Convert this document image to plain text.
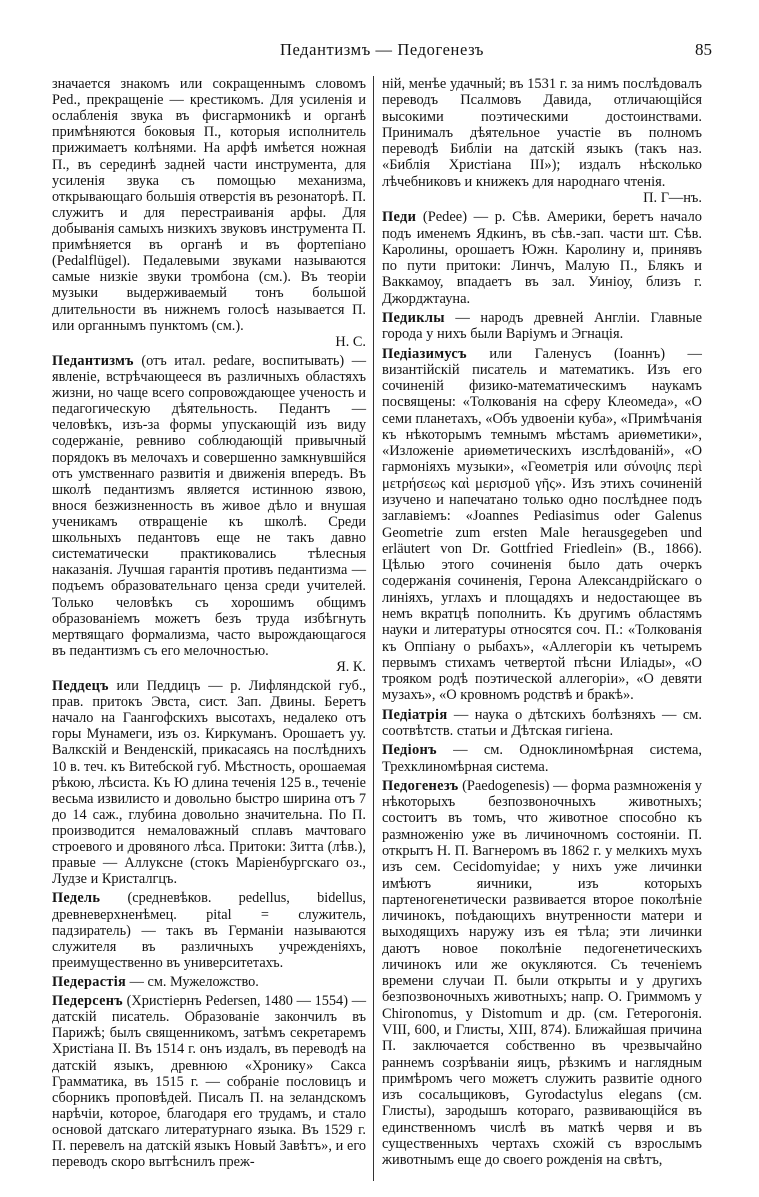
Педантизмъ — Педогенезъ	85

значается знакомъ или сокращеннымъ словомъ Ped., прекращеніе — крестикомъ. Для усиленія и ослабленія звука въ фисгармоникѣ и органѣ примѣняются боковыя П., которыя исполнитель прижимаетъ колѣнями. На арфѣ имѣется ножная П., въ серединѣ задней части инструмента, для усиленія звука съ помощью механизма, открывающаго большія отверстія въ резонаторѣ. П. служитъ и для перестраиванія арфы. Для добыванія самыхъ низкихъ звуковъ инструмента П. примѣняется въ органѣ и въ фортепіано (Pedalflügel). Педалевыми звуками называются самые низкіе звуки тромбона (см.). Въ теоріи музыки выдерживаемый тонъ большой длительности въ нижнемъ голосѣ называется П. или органнымъ пунктомъ (см.).
Н. С.

Педантизмъ (отъ итал. pedare, воспитывать) — явленіе, встрѣчающееся въ различныхъ областяхъ жизни, но чаще всего сопровождающее ученость и педагогическую дѣятельность. Педантъ — человѣкъ, изъ-за формы упускающій изъ виду содержаніе, ревниво соблюдающій привычный порядокъ въ мелочахъ и совершенно замкнувшійся отъ умственнаго развитія и движенія впередъ. Въ школѣ педантизмъ является истинною язвою, внося безжизненность въ живое дѣло и внушая ученикамъ отвращеніе къ школѣ. Среди школьныхъ педантовъ еще не такъ давно систематически практиковались тѣлесныя наказанія. Лучшая гарантія противъ педантизма — подъемъ образовательнаго ценза среди учителей. Только человѣкъ съ хорошимъ общимъ образованіемъ можетъ безъ труда избѣгнуть мертвящаго формализма, часто вырождающагося въ педантизмъ съ его мелочностью.
Я. К.

Педдецъ или Педдицъ — р. Лифляндской губ., прав. притокъ Эвста, сист. Зап. Двины. Беретъ начало на Гаангофскихъ высотахъ, недалеко отъ горы Мунамеги, изъ оз. Киркуманъ. Орошаетъ уу. Валкскій и Венденскій, прикасаясь на послѣднихъ 10 в. теч. къ Витебской губ. Мѣстность, орошаемая рѣкою, лѣсиста. Къ Ю длина теченія 125 в., теченіе весьма извилисто и довольно быстро ширина отъ 7 до 14 саж., глубина довольно значительна. По П. производится немаловажный сплавъ мачтоваго строевого и дровяного лѣса. Притоки: Зитта (лѣв.), правые — Аллукснe (стокъ Маріенбургскаго оз., Лудзе и Кристалгцъ.

Педель (средневѣков. pedellus, bidellus, древневерхненѣмец. pital = служитель, падзиратель) — такъ въ Германіи называются служителя въ различныхъ учрежденіяхъ, преимущественно въ университетахъ.

Педерастія — см. Мужеложство.

Педерсенъ (Христіернъ Pedersen, 1480 — 1554) — датскій писатель. Образованіе закончилъ въ Парижѣ; былъ священникомъ, затѣмъ секретаремъ Христіана II. Въ 1514 г. онъ издалъ, въ переводѣ на датскій языкъ, древнюю «Хронику» Сакса Грамматика, въ 1515 г. — собраніе пословицъ и сборникъ проповѣдей. Писалъ П. на зеландскомъ нарѣчіи, которое, благодаря его трудамъ, и стало основой датскаго литературнаго языка. Въ 1529 г. П. перевелъ на датскій языкъ Новый Завѣтъ», и его переводъ скоро вытѣснилъ преж-

ній, менѣе удачный; въ 1531 г. за нимъ послѣдовалъ переводъ Псалмовъ Давида, отличающійся высокими поэтическими достоинствами. Принималъ дѣятельное участіе въ полномъ переводѣ Библіи на датскій языкъ (такъ наз. «Библія Христіана III»); издалъ нѣсколько лѣчебниковъ и книжекъ для народнаго чтенія.
П. Г—нъ.

Педи (Pedee) — р. Сѣв. Америки, беретъ начало подъ именемъ Ядкинъ, въ сѣв.-зап. части шт. Сѣв. Каролины, орошаетъ Южн. Каролину и, принявъ по пути притоки: Линчъ, Малую П., Блякъ и Ваккамоу, впадаетъ въ зал. Уиніоу, близъ г. Джорджтауна.

Педиклы — народъ древней Англіи. Главные города у нихъ были Варіумъ и Эгнація.

Педіазимусъ или Галенусъ (Іоаннъ) — византійскій писатель и математикъ. Изъ его сочиненій физико-математическимъ наукамъ посвящены: «Толкованія на сферу Клеомеда», «О семи планетахъ, «Объ удвоеніи куба», «Примѣчанія къ нѣкоторымъ темнымъ мѣстамъ ариѳметики», «Изложеніе ариѳметическихъ изслѣдованій», «О гармоніяхъ музыки», «Геометрія или σύνοψις περὶ μετρήσεως καὶ μερισμοῦ γῆς». Изъ этихъ сочиненій изучено и напечатано только одно послѣднее подъ заглавіемъ: «Joannes Pediasimus oder Galenus Geometrie zum ersten Male herausgegeben und erläutert von Dr. Gottfried Friedlein» (B., 1866). Цѣлью этого сочиненія было дать очеркъ содержанія сочиненія, Герона Александрійскаго о линіяхъ, углахъ и площадяхъ и недостающее въ немъ вкратцѣ пополнить. Къ другимъ областямъ науки и литературы относятся соч. П.: «Толкованія къ Оппіану о рыбахъ», «Аллегоріи къ четыремъ первымъ стихамъ четвертой пѣсни Иліады», «О трояком родѣ поэтической аллегоріи», «О девяти музахъ», «О кровномъ родствѣ и бракѣ».

Педіатрія — наука о дѣтскихъ болѣзняхъ — см. соотвѣтств. статьи и Дѣтская гигіена.

Педіонъ — см. Одноклиномѣрная система, Трехклиномѣрная система.

Педогенезъ (Paedogenesis) — форма размноженія у нѣкоторыхъ безпозвоночныхъ животныхъ; состоитъ въ томъ, что животное способно къ размноженію уже въ личиночномъ состояніи. П. открытъ Н. П. Вагнеромъ въ 1862 г. у мелкихъ мухъ изъ сем. Cecidomyidae; у нихъ уже личинки имѣютъ яичники, изъ которыхъ партеногенетически развивается второе поколѣніе личинокъ, поѣдающихъ внутренности матери и выходящихъ наружу изъ ея тѣла; эти личинки даютъ новое поколѣніе педогенетическихъ личинокъ или же окукляются. Съ теченіемъ времени случаи П. были открыты и у другихъ безпозвоночныхъ животныхъ; напр. О. Гриммомъ у Chironomus, у Distomum и др. (см. Гетерогонія. VIII, 600, и Глисты, XIII, 874). Ближайшая причина П. заключается собственно въ чрезвычайно раннемъ созрѣваніи яицъ, рѣзкимъ и наглядным примѣромъ чего можетъ служить развитіе одного изъ сосальщиковъ, Gyrodactylus elegans (см. Глисты), зародышъ котораго, развивающійся въ единственномъ числѣ въ маткѣ червя и въ существенныхъ чертахъ схожій съ взрослымъ животнымъ еще до своего рожденія на свѣтъ,
